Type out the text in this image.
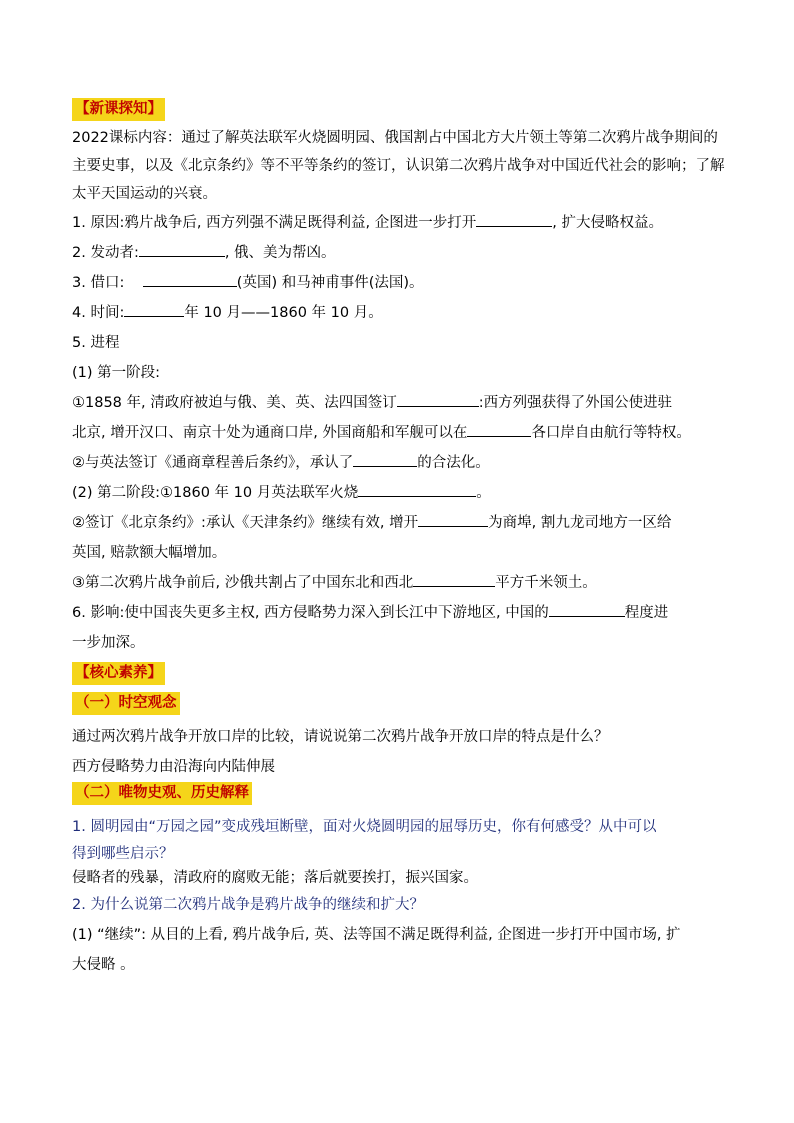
【新课探知】
2022课标内容：通过了解英法联军火烧圆明园、俄国割占中国北方大片领土等第二次鸦片战争期间的主要史事，以及《北京条约》等不平等条约的签订，认识第二次鸦片战争对中国近代社会的影响；了解太平天国运动的兴衰。
1. 原因:鸦片战争后, 西方列强不满足既得利益, 企图进一步打开	, 扩大侵略权益。
2. 发动者:	, 俄、美为帮凶。
3. 借口:	(英国) 和马神甫事件(法国)。
4. 时间:	年 10 月——1860 年 10 月。
5. 进程
(1) 第一阶段:
①1858 年, 清政府被迫与俄、美、英、法四国签订	:西方列强获得了外国公使进驻
北京, 增开汉口、南京十处为通商口岸, 外国商船和军舰可以在	各口岸自由航行等特权。
②与英法签订《通商章程善后条约》，承认了	的合法化。
(2) 第二阶段:①1860 年 10 月英法联军火烧	。
②签订《北京条约》:承认《天津条约》继续有效, 增开	为商埠, 割九龙司地方一区给
英国, 赔款额大幅增加。
③第二次鸦片战争前后, 沙俄共割占了中国东北和西北	平方千米领土。
6. 影响:使中国丧失更多主权, 西方侵略势力深入到长江中下游地区, 中国的	程度进
一步加深。
【核心素养】
（一）时空观念
通过两次鸦片战争开放口岸的比较，请说说第二次鸦片战争开放口岸的特点是什么？
西方侵略势力由沿海向内陆伸展
（二）唯物史观、历史解释
1. 圆明园由“万园之园”变成残垣断壁，面对火烧圆明园的屈辱历史，你有何感受？从中可以
得到哪些启示？
侵略者的残暴，清政府的腐败无能；落后就要挨打，振兴国家。
2. 为什么说第二次鸦片战争是鸦片战争的继续和扩大？
(1) “继续”: 从目的上看, 鸦片战争后, 英、法等国不满足既得利益, 企图进一步打开中国市场, 扩
大侵略 。
